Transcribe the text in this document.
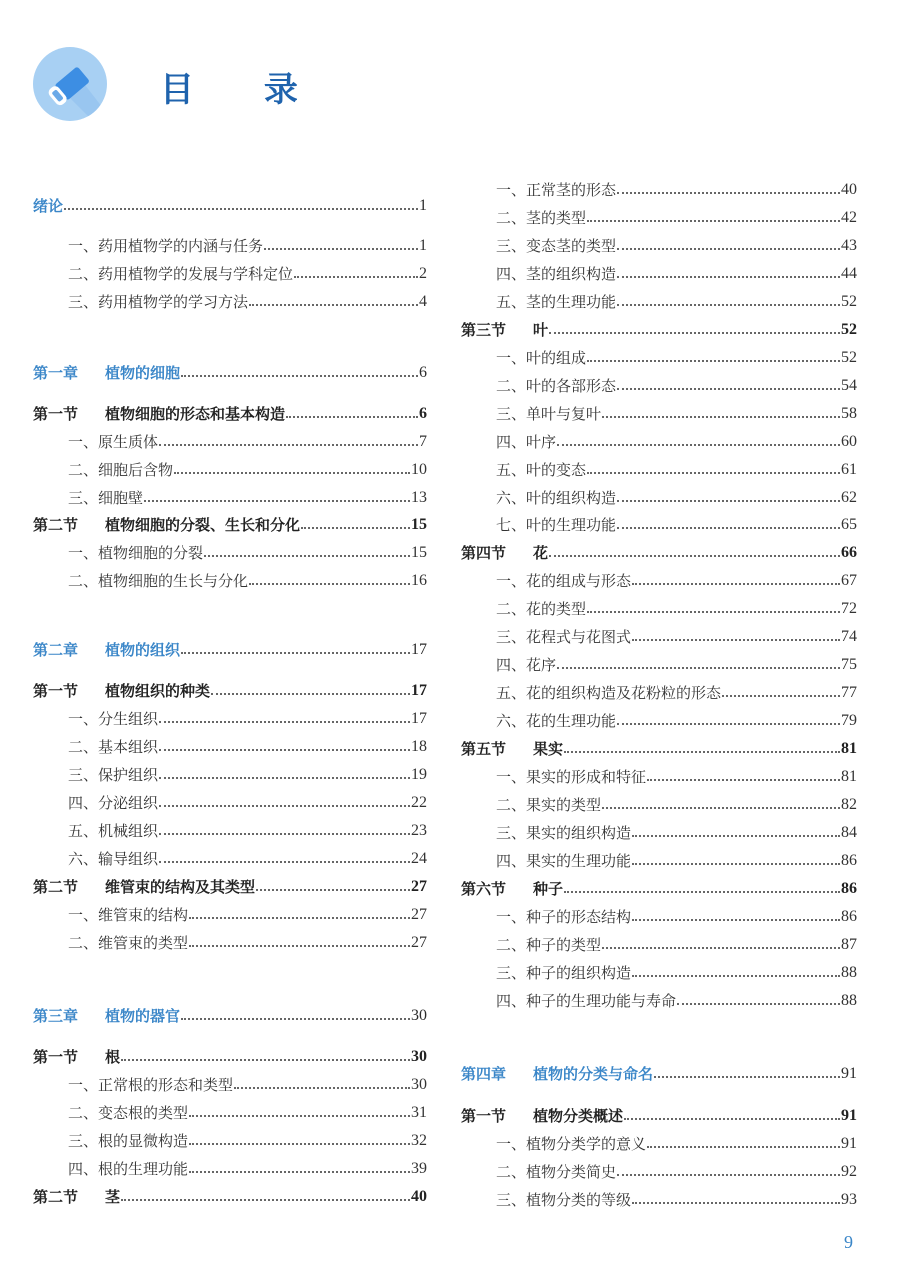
目 录
绪论	1
一、药用植物学的内涵与任务	1
二、药用植物学的发展与学科定位	2
三、药用植物学的学习方法	4
第一章 植物的细胞	6
第一节 植物细胞的形态和基本构造	6
一、原生质体	7
二、细胞后含物	10
三、细胞壁	13
第二节 植物细胞的分裂、生长和分化	15
一、植物细胞的分裂	15
二、植物细胞的生长与分化	16
第二章 植物的组织	17
第一节 植物组织的种类	17
一、分生组织	17
二、基本组织	18
三、保护组织	19
四、分泌组织	22
五、机械组织	23
六、输导组织	24
第二节 维管束的结构及其类型	27
一、维管束的结构	27
二、维管束的类型	27
第三章 植物的器官	30
第一节 根	30
一、正常根的形态和类型	30
二、变态根的类型	31
三、根的显微构造	32
四、根的生理功能	39
第二节 茎	40
一、正常茎的形态	40
二、茎的类型	42
三、变态茎的类型	43
四、茎的组织构造	44
五、茎的生理功能	52
第三节 叶	52
一、叶的组成	52
二、叶的各部形态	54
三、单叶与复叶	58
四、叶序	60
五、叶的变态	61
六、叶的组织构造	62
七、叶的生理功能	65
第四节 花	66
一、花的组成与形态	67
二、花的类型	72
三、花程式与花图式	74
四、花序	75
五、花的组织构造及花粉粒的形态	77
六、花的生理功能	79
第五节 果实	81
一、果实的形成和特征	81
二、果实的类型	82
三、果实的组织构造	84
四、果实的生理功能	86
第六节 种子	86
一、种子的形态结构	86
二、种子的类型	87
三、种子的组织构造	88
四、种子的生理功能与寿命	88
第四章 植物的分类与命名	91
第一节 植物分类概述	91
一、植物分类学的意义	91
二、植物分类简史	92
三、植物分类的等级	93
9
